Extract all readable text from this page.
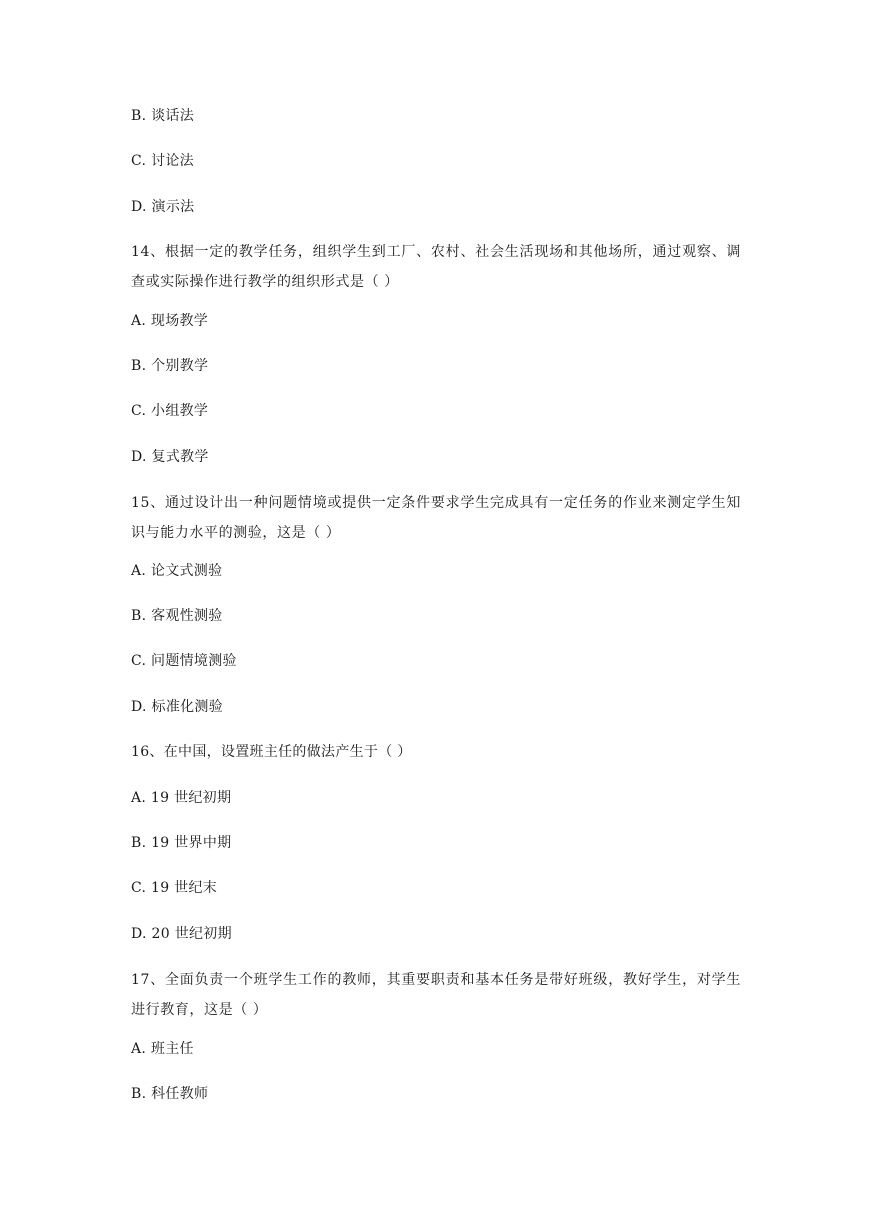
B. 谈话法
C. 讨论法
D. 演示法
14、根据一定的教学任务，组织学生到工厂、农村、社会生活现场和其他场所，通过观察、调查或实际操作进行教学的组织形式是（ ）
A. 现场教学
B. 个别教学
C. 小组教学
D. 复式教学
15、通过设计出一种问题情境或提供一定条件要求学生完成具有一定任务的作业来测定学生知识与能力水平的测验，这是（ ）
A. 论文式测验
B. 客观性测验
C. 问题情境测验
D. 标准化测验
16、在中国，设置班主任的做法产生于（ ）
A. 19 世纪初期
B. 19 世界中期
C. 19 世纪末
D. 20 世纪初期
17、全面负责一个班学生工作的教师，其重要职责和基本任务是带好班级，教好学生，对学生进行教育，这是（ ）
A. 班主任
B. 科任教师
